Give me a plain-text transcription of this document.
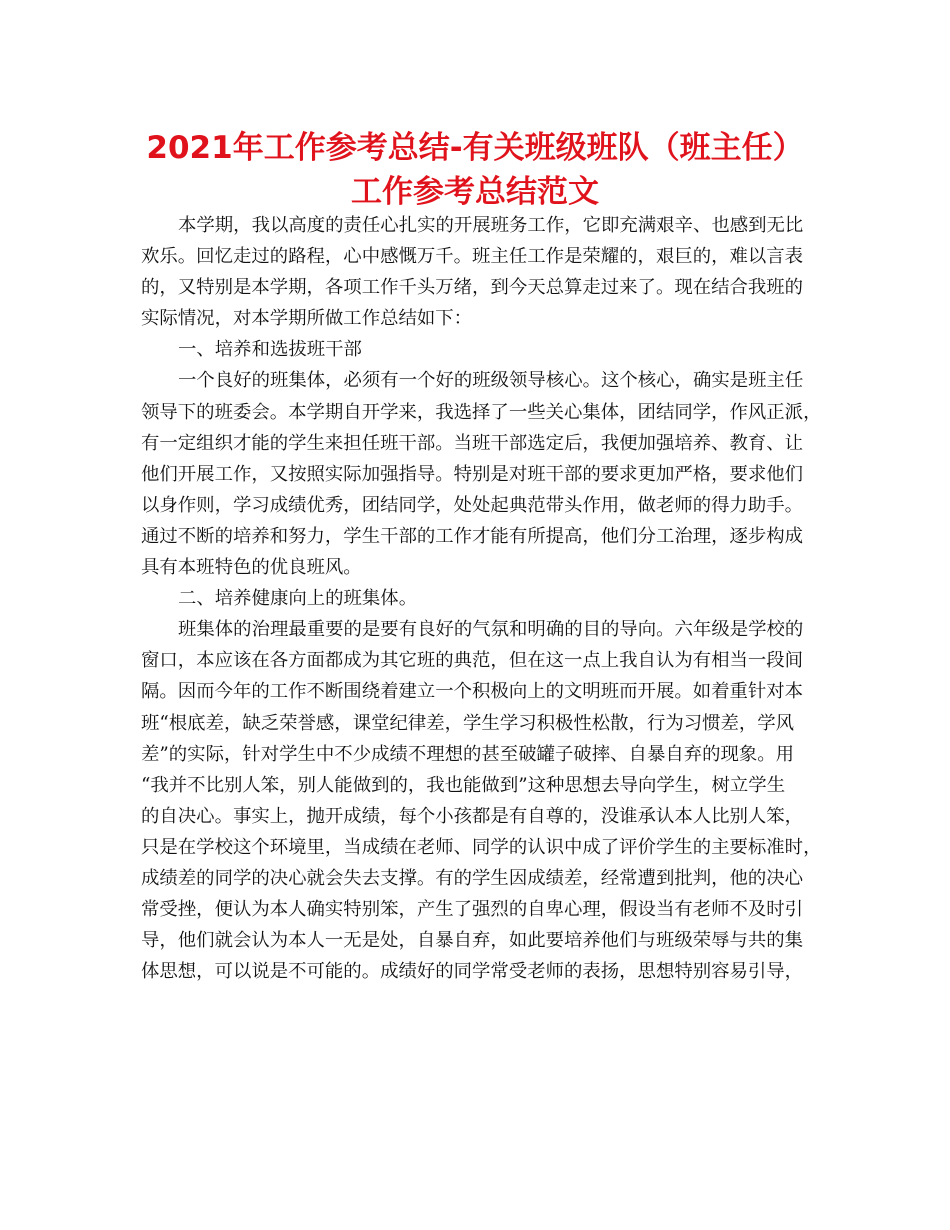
2021年工作参考总结-有关班级班队（班主任）
工作参考总结范文
本学期，我以高度的责任心扎实的开展班务工作，它即充满艰辛、也感到无比
欢乐。回忆走过的路程，心中感慨万千。班主任工作是荣耀的，艰巨的，难以言表
的，又特别是本学期，各项工作千头万绪，到今天总算走过来了。现在结合我班的
实际情况，对本学期所做工作总结如下：
一、培养和选拔班干部
一个良好的班集体，必须有一个好的班级领导核心。这个核心，确实是班主任
领导下的班委会。本学期自开学来，我选择了一些关心集体，团结同学，作风正派，
有一定组织才能的学生来担任班干部。当班干部选定后，我便加强培养、教育、让
他们开展工作，又按照实际加强指导。特别是对班干部的要求更加严格，要求他们
以身作则，学习成绩优秀，团结同学，处处起典范带头作用，做老师的得力助手。
通过不断的培养和努力，学生干部的工作才能有所提高，他们分工治理，逐步构成
具有本班特色的优良班风。
二、培养健康向上的班集体。
班集体的治理最重要的是要有良好的气氛和明确的目的导向。六年级是学校的
窗口，本应该在各方面都成为其它班的典范，但在这一点上我自认为有相当一段间
隔。因而今年的工作不断围绕着建立一个积极向上的文明班而开展。如着重针对本
班“根底差，缺乏荣誉感，课堂纪律差，学生学习积极性松散，行为习惯差，学风
差”的实际，针对学生中不少成绩不理想的甚至破罐子破摔、自暴自弃的现象。用
“我并不比别人笨，别人能做到的，我也能做到”这种思想去导向学生，树立学生
的自决心。事实上，抛开成绩，每个小孩都是有自尊的，没谁承认本人比别人笨，
只是在学校这个环境里，当成绩在老师、同学的认识中成了评价学生的主要标准时，
成绩差的同学的决心就会失去支撑。有的学生因成绩差，经常遭到批判，他的决心
常受挫，便认为本人确实特别笨，产生了强烈的自卑心理，假设当有老师不及时引
导，他们就会认为本人一无是处，自暴自弃，如此要培养他们与班级荣辱与共的集
体思想，可以说是不可能的。成绩好的同学常受老师的表扬，思想特别容易引导，
